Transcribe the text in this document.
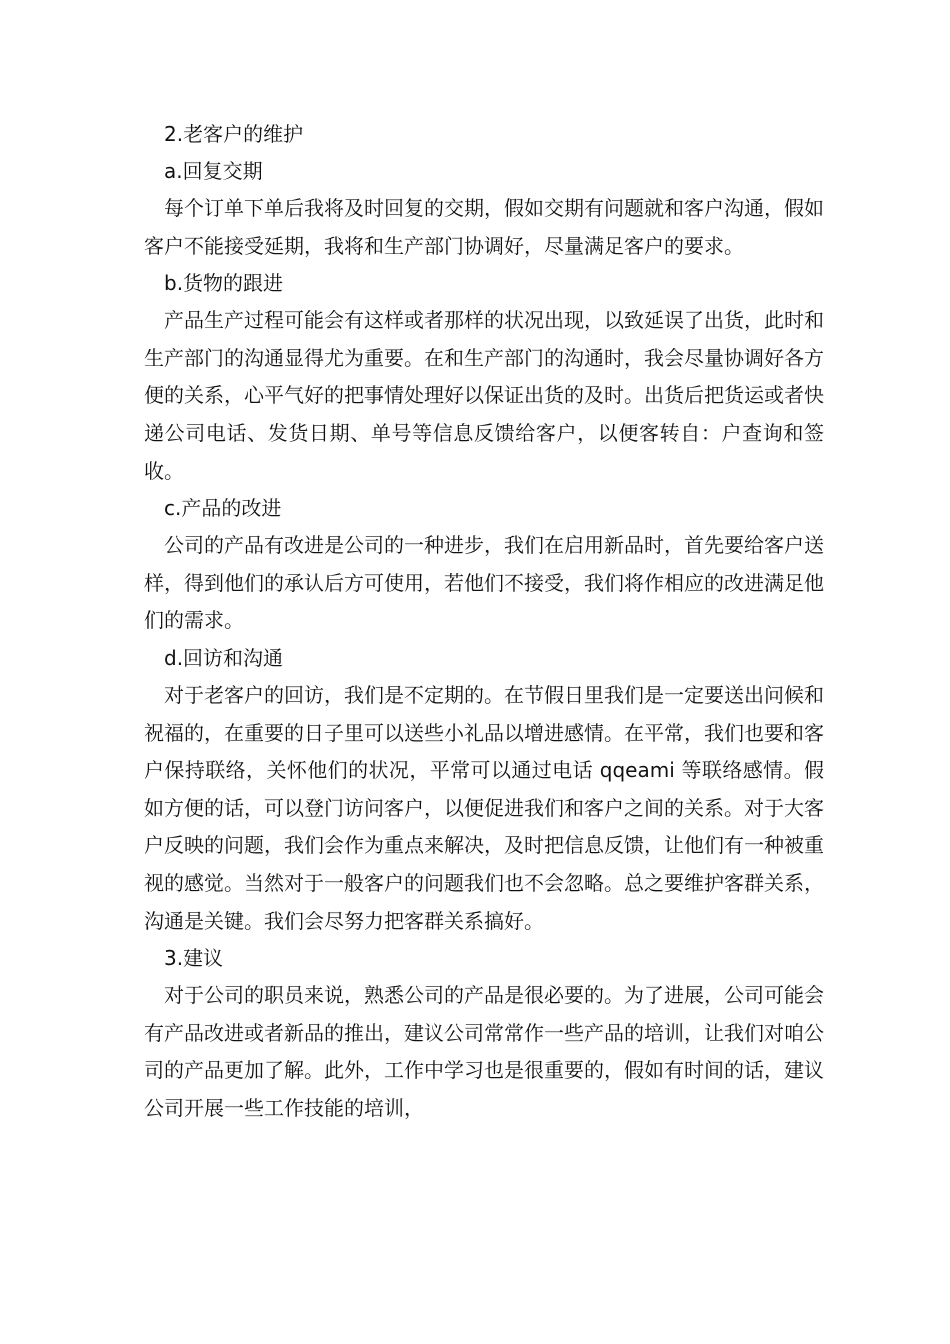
2.老客户的维护
a.回复交期

每个订单下单后我将及时回复的交期，假如交期有问题就和客户沟通，假如客户不能接受延期，我将和生产部门协调好，尽量满足客户的要求。

b.货物的跟进

产品生产过程可能会有这样或者那样的状况出现，以致延误了出货，此时和生产部门的沟通显得尤为重要。在和生产部门的沟通时，我会尽量协调好各方便的关系，心平气好的把事情处理好以保证出货的及时。出货后把货运或者快递公司电话、发货日期、单号等信息反馈给客户，以便客转自：户查询和签收。

c.产品的改进

公司的产品有改进是公司的一种进步，我们在启用新品时，首先要给客户送样，得到他们的承认后方可使用，若他们不接受，我们将作相应的改进满足他们的需求。

d.回访和沟通

对于老客户的回访，我们是不定期的。在节假日里我们是一定要送出问候和祝福的，在重要的日子里可以送些小礼品以增进感情。在平常，我们也要和客户保持联络，关怀他们的状况，平常可以通过电话 qqeami 等联络感情。假如方便的话，可以登门访问客户，以便促进我们和客户之间的关系。对于大客户反映的问题，我们会作为重点来解决，及时把信息反馈，让他们有一种被重视的感觉。当然对于一般客户的问题我们也不会忽略。总之要维护客群关系，沟通是关键。我们会尽努力把客群关系搞好。

3.建议

对于公司的职员来说，熟悉公司的产品是很必要的。为了进展，公司可能会有产品改进或者新品的推出，建议公司常常作一些产品的培训，让我们对咱公司的产品更加了解。此外，工作中学习也是很重要的，假如有时间的话，建议公司开展一些工作技能的培训，
